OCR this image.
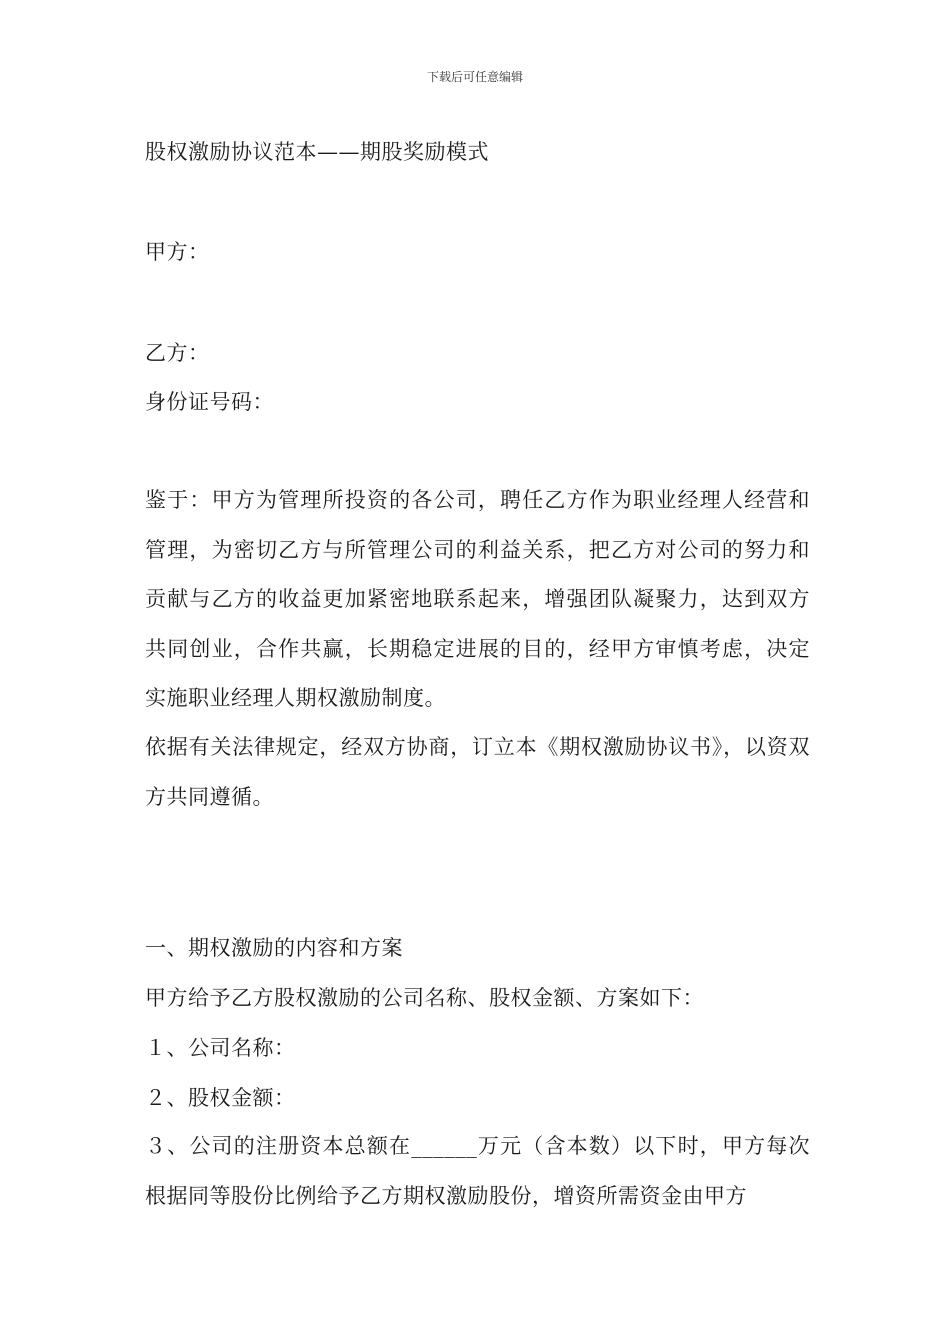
下载后可任意编辑
股权激励协议范本——期股奖励模式
甲方：
乙方：
身份证号码：
鉴于：甲方为管理所投资的各公司，聘任乙方作为职业经理人经营和管理，为密切乙方与所管理公司的利益关系，把乙方对公司的努力和贡献与乙方的收益更加紧密地联系起来，增强团队凝聚力，达到双方共同创业，合作共赢，长期稳定进展的目的，经甲方审慎考虑，决定实施职业经理人期权激励制度。
依据有关法律规定，经双方协商，订立本《期权激励协议书》，以资双方共同遵循。
一、期权激励的内容和方案
甲方给予乙方股权激励的公司名称、股权金额、方案如下：
１、公司名称：
２、股权金额：
３、公司的注册资本总额在______万元（含本数）以下时，甲方每次根据同等股份比例给予乙方期权激励股份，增资所需资金由甲方
